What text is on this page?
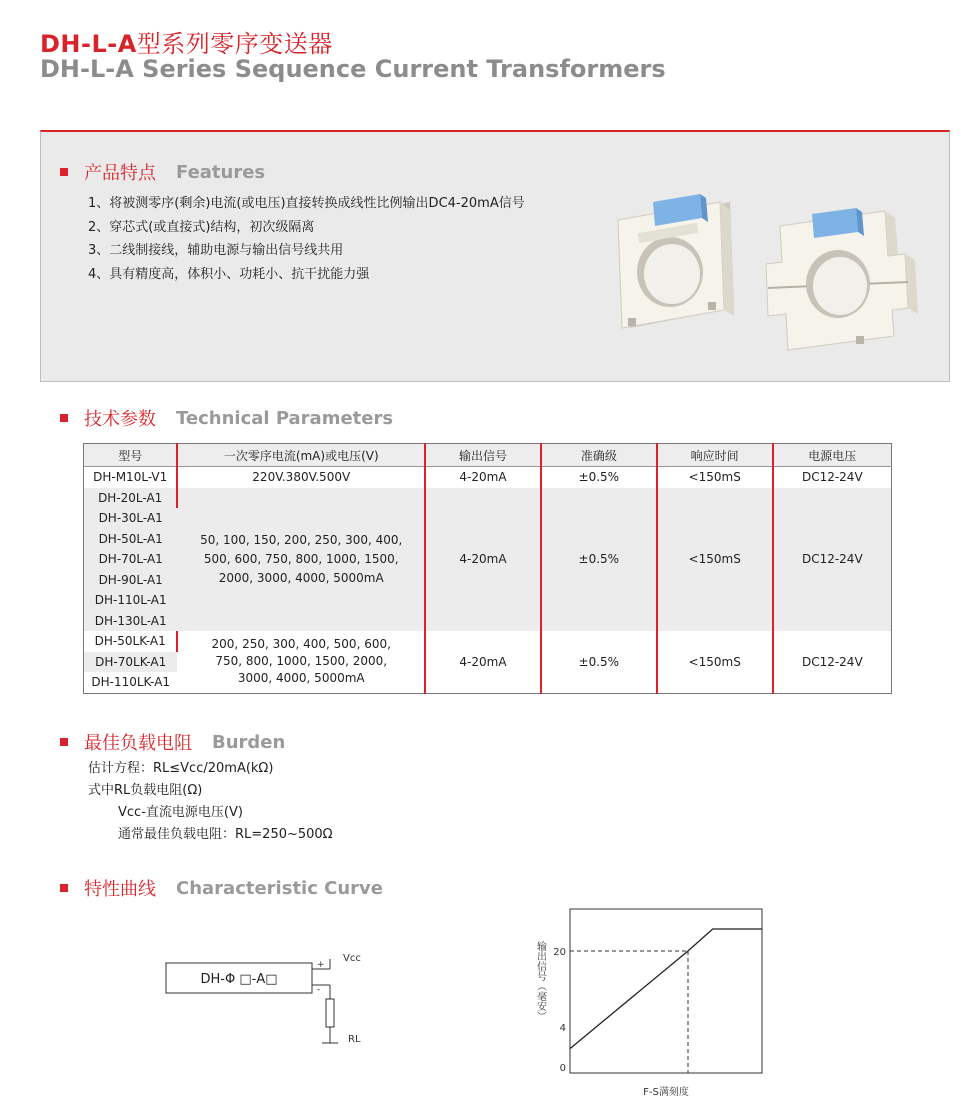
DH-L-A型系列零序变送器
DH-L-A Series Sequence Current Transformers
产品特点 Features
1、将被测零序(剩余)电流(或电压)直接转换成线性比例输出DC4-20mA信号
2、穿芯式(或直接式)结构，初次级隔离
3、二线制接线，辅助电源与输出信号线共用
4、具有精度高，体积小、功耗小、抗干扰能力强
技术参数 Technical Parameters
型号	一次零序电流(mA)或电压(V)	输出信号	准确级	响应时间	电源电压
DH-M10L-V1	220V.380V.500V	4-20mA	±0.5%	<150mS	DC12-24V
DH-20L-A1	50, 100, 150, 200, 250, 300, 400, 500, 600, 750, 800, 1000, 1500, 2000, 3000, 4000, 5000mA	4-20mA	±0.5%	<150mS	DC12-24V
DH-30L-A1					
DH-50L-A1					
DH-70L-A1					
DH-90L-A1					
DH-110L-A1					
DH-130L-A1					
DH-50LK-A1	200, 250, 300, 400, 500, 600, 750, 800, 1000, 1500, 2000, 3000, 4000, 5000mA	4-20mA	±0.5%	<150mS	DC12-24V
DH-70LK-A1					
DH-110LK-A1					
最佳负载电阻 Burden
估计方程：RL≤Vcc/20mA(kΩ)
式中RL负载电阻(Ω)
Vcc-直流电源电压(V)
通常最佳负载电阻：RL=250~500Ω
特性曲线 Characteristic Curve
DH-Φ □-A□
Vcc
+
-
RL
输出信号（毫安） 20
4
0
F-S满刻度
